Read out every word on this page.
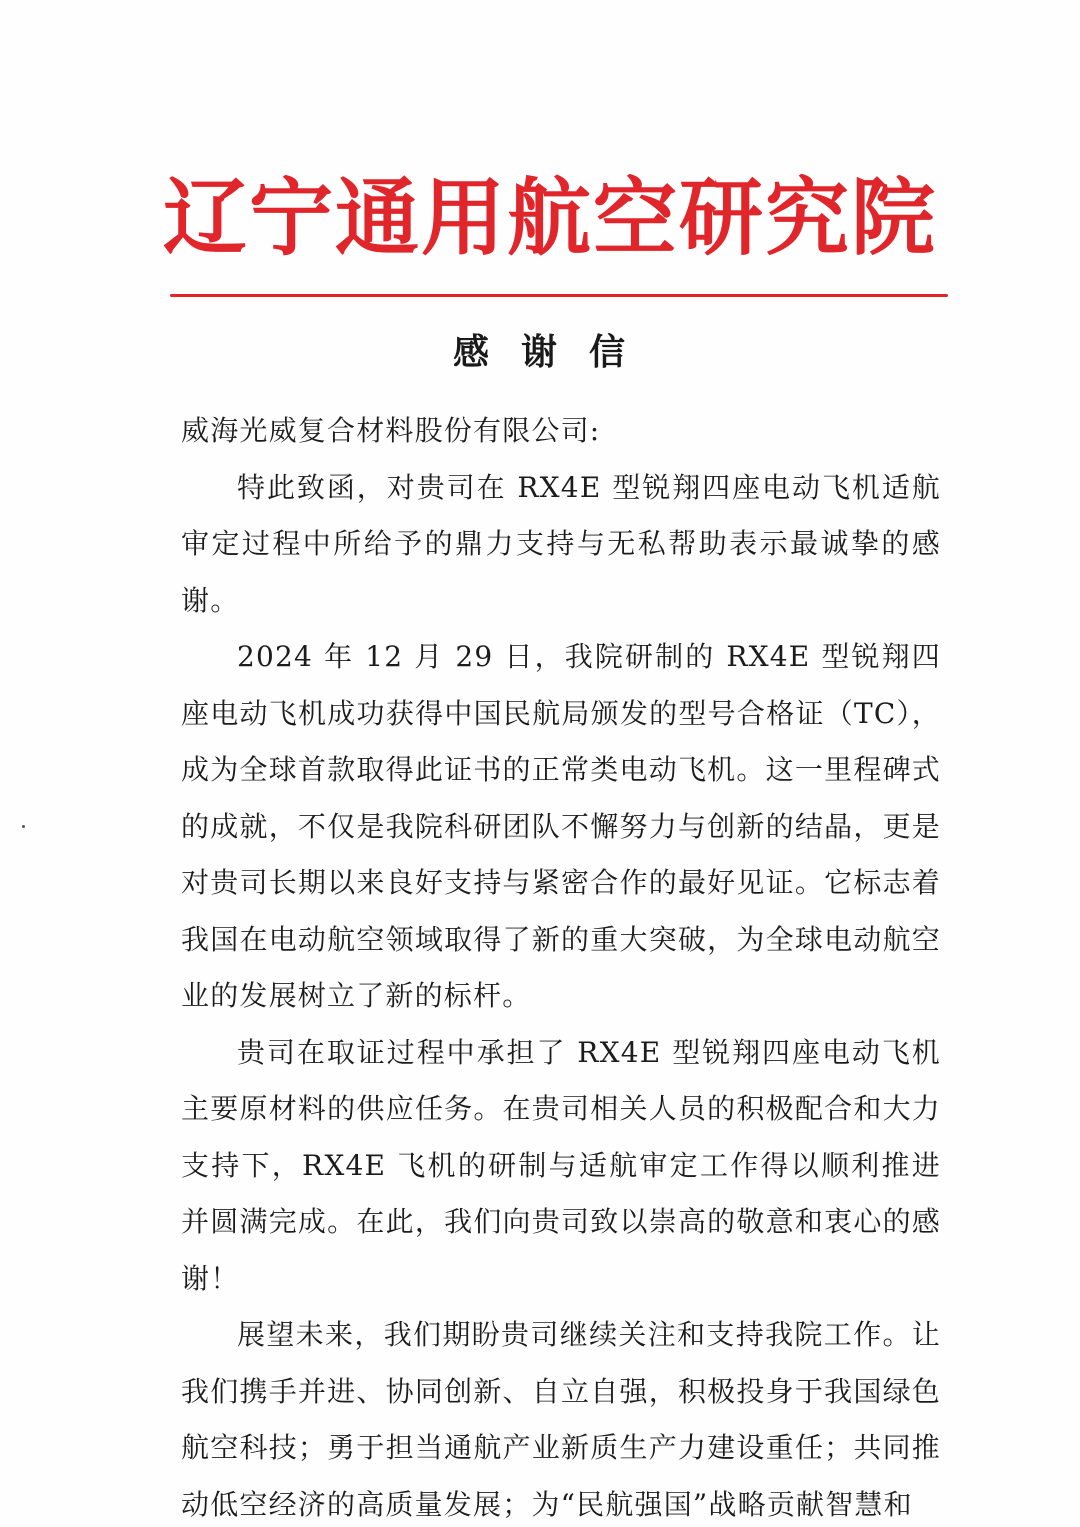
辽宁通用航空研究院
感谢信

威海光威复合材料股份有限公司:

特此致函，对贵司在 RX4E 型锐翔四座电动飞机适航审定过程中所给予的鼎力支持与无私帮助表示最诚挚的感谢。

2024 年 12 月 29 日，我院研制的 RX4E 型锐翔四座电动飞机成功获得中国民航局颁发的型号合格证（TC），成为全球首款取得此证书的正常类电动飞机。这一里程碑式的成就，不仅是我院科研团队不懈努力与创新的结晶，更是对贵司长期以来良好支持与紧密合作的最好见证。它标志着我国在电动航空领域取得了新的重大突破，为全球电动航空业的发展树立了新的标杆。

贵司在取证过程中承担了 RX4E 型锐翔四座电动飞机主要原材料的供应任务。在贵司相关人员的积极配合和大力支持下，RX4E 飞机的研制与适航审定工作得以顺利推进并圆满完成。在此，我们向贵司致以崇高的敬意和衷心的感谢！

展望未来，我们期盼贵司继续关注和支持我院工作。让我们携手并进、协同创新、自立自强，积极投身于我国绿色航空科技；勇于担当通航产业新质生产力建设重任；共同推动低空经济的高质量发展；为“民航强国”战略贡献智慧和
